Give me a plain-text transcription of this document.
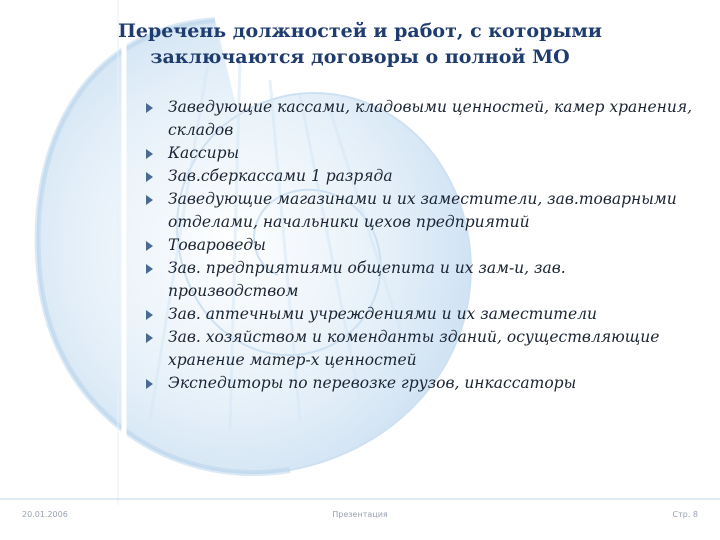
Перечень должностей и работ, с которыми заключаются договоры о полной МО
Заведующие кассами, кладовыми ценностей, камер хранения, складов
Кассиры
Зав.сберкассами 1 разряда
Заведующие магазинами и их заместители, зав.товарными отделами, начальники цехов предприятий
Товароведы
Зав. предприятиями общепита и их зам-и, зав. производством
Зав. аптечными учреждениями и их заместители
Зав. хозяйством и коменданты зданий, осуществляющие хранение матер-х ценностей
Экспедиторы по перевозке грузов, инкассаторы
20.01.2006	Презентация	Стр. 8
